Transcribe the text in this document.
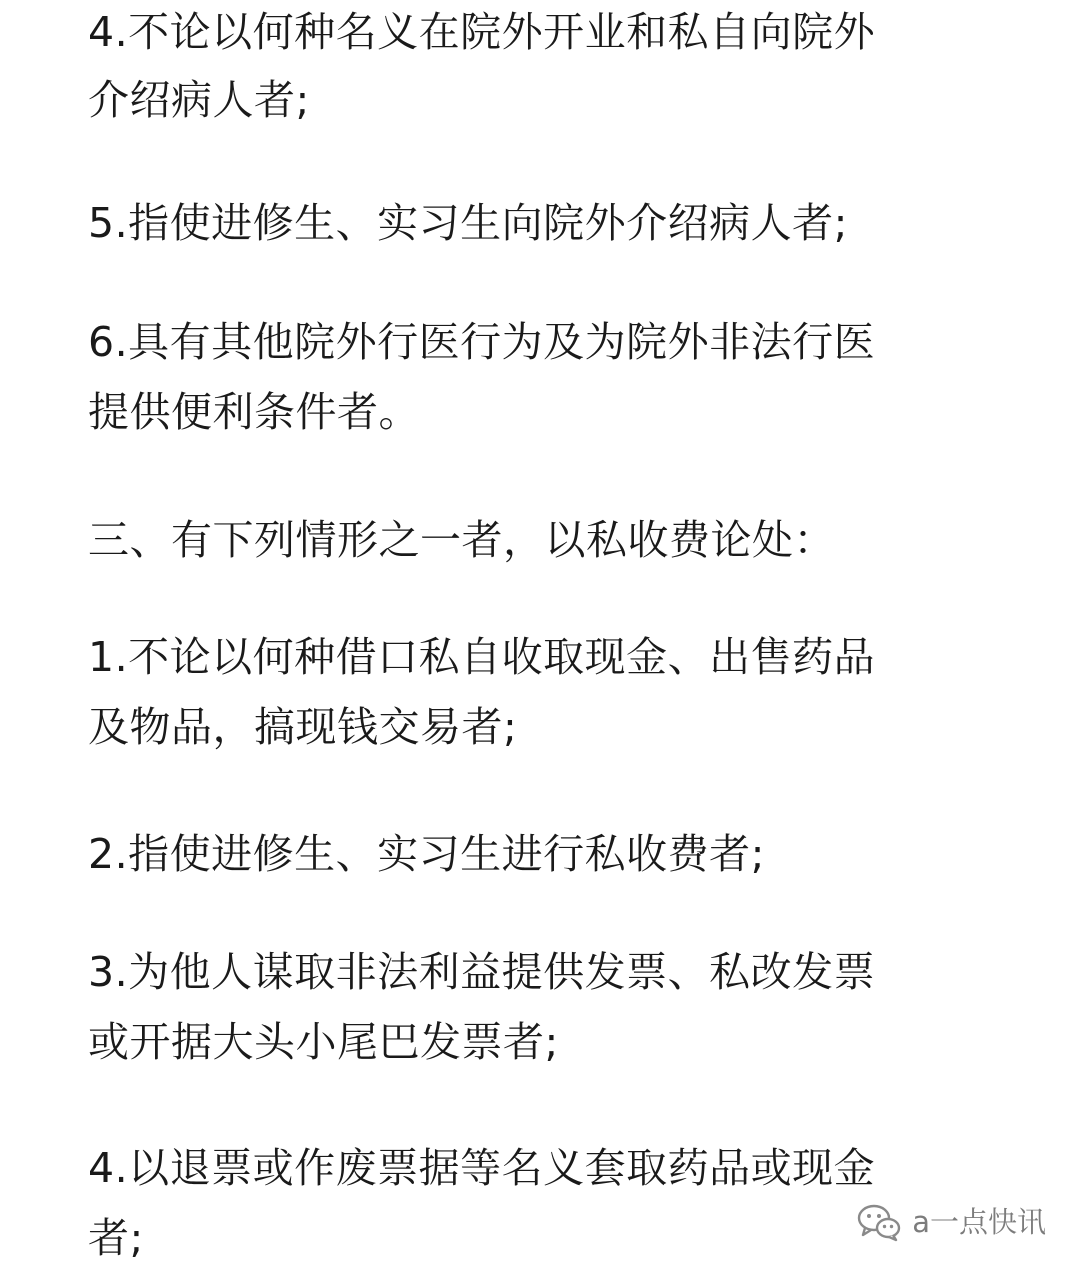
4.不论以何种名义在院外开业和私自向院外
介绍病人者;
5.指使进修生、实习生向院外介绍病人者;
6.具有其他院外行医行为及为院外非法行医
提供便利条件者。
三、有下列情形之一者，以私收费论处：
1.不论以何种借口私自收取现金、出售药品
及物品，搞现钱交易者;
2.指使进修生、实习生进行私收费者;
3.为他人谋取非法利益提供发票、私改发票
或开据大头小尾巴发票者;
4.以退票或作废票据等名义套取药品或现金
者;	a一点快讯
